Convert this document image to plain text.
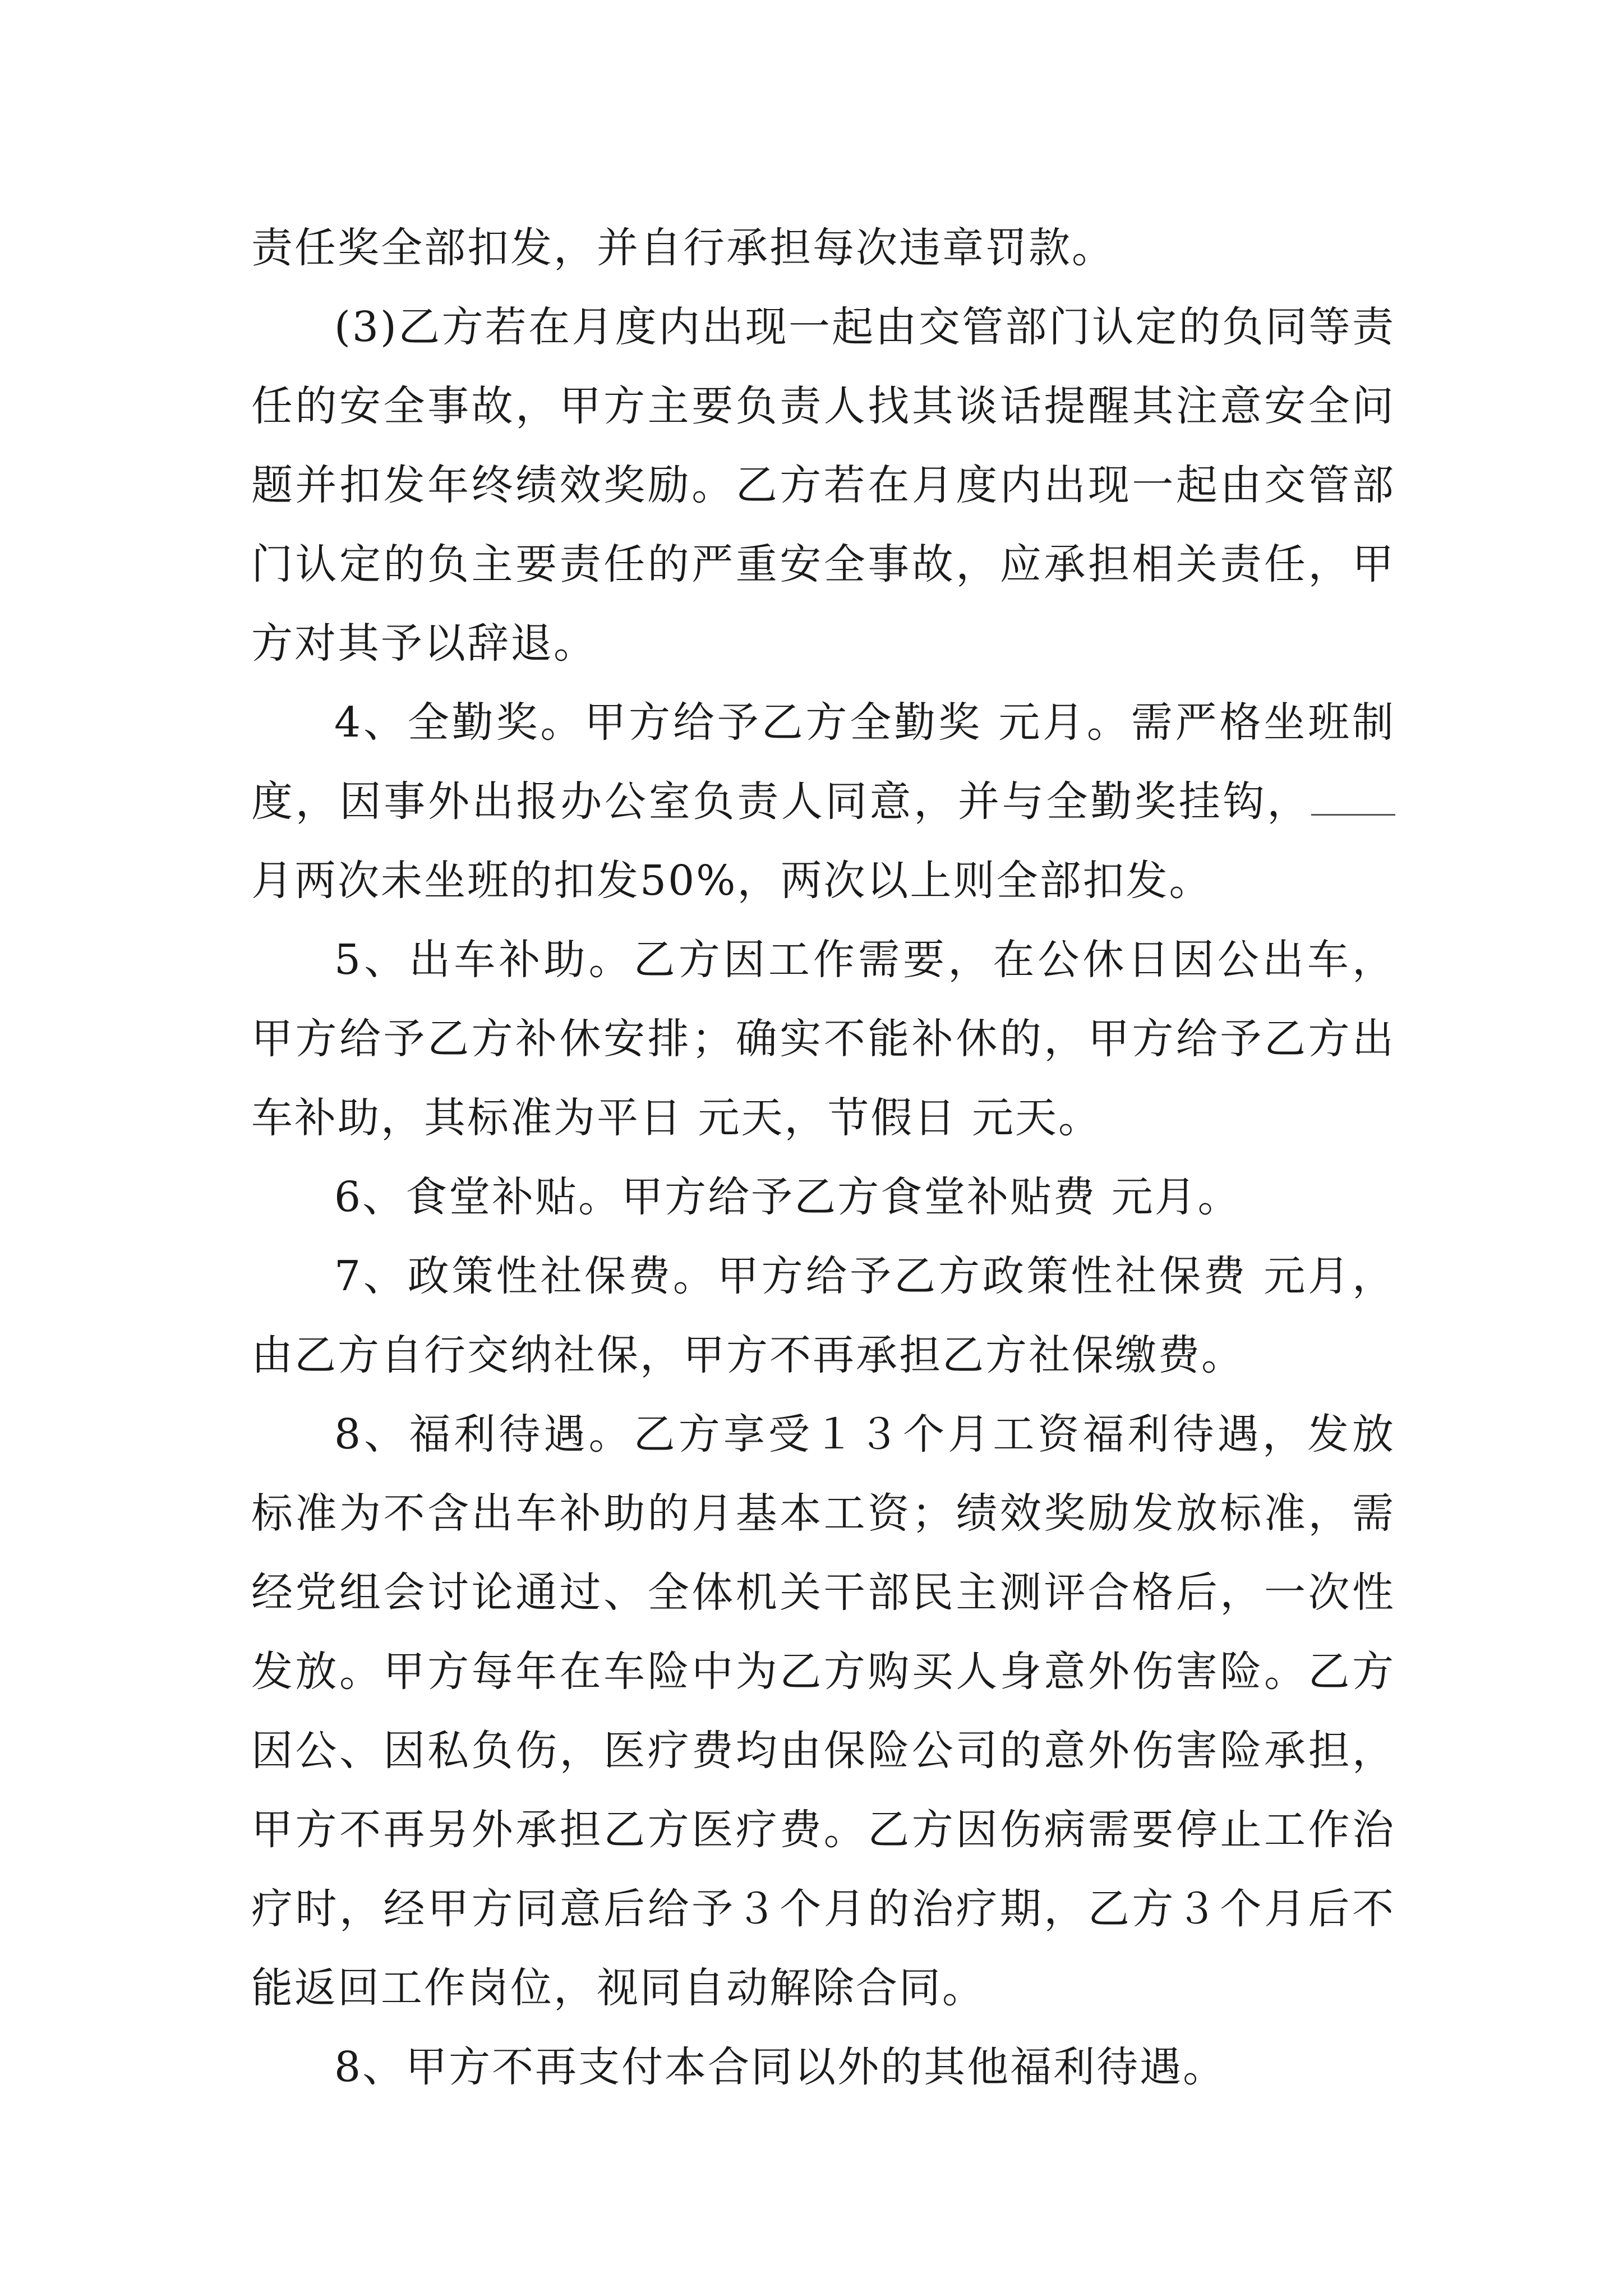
责任奖全部扣发，并自行承担每次违章罚款。

(3)乙方若在月度内出现一起由交管部门认定的负同等责任的安全事故，甲方主要负责人找其谈话提醒其注意安全问题并扣发年终绩效奖励。乙方若在月度内出现一起由交管部门认定的负主要责任的严重安全事故，应承担相关责任，甲方对其予以辞退。

4、全勤奖。甲方给予乙方全勤奖 元月。需严格坐班制度，因事外出报办公室负责人同意，并与全勤奖挂钩，月两次未坐班的扣发50%，两次以上则全部扣发。

5、出车补助。乙方因工作需要，在公休日因公出车，甲方给予乙方补休安排；确实不能补休的，甲方给予乙方出车补助，其标准为平日 元天，节假日 元天。

6、食堂补贴。甲方给予乙方食堂补贴费 元月。

7、政策性社保费。甲方给予乙方政策性社保费 元月，由乙方自行交纳社保，甲方不再承担乙方社保缴费。

8、福利待遇。乙方享受１３个月工资福利待遇，发放标准为不含出车补助的月基本工资；绩效奖励发放标准，需经党组会讨论通过、全体机关干部民主测评合格后，一次性发放。甲方每年在车险中为乙方购买人身意外伤害险。乙方因公、因私负伤，医疗费均由保险公司的意外伤害险承担，甲方不再另外承担乙方医疗费。乙方因伤病需要停止工作治疗时，经甲方同意后给予３个月的治疗期，乙方３个月后不能返回工作岗位，视同自动解除合同。

8、甲方不再支付本合同以外的其他福利待遇。
